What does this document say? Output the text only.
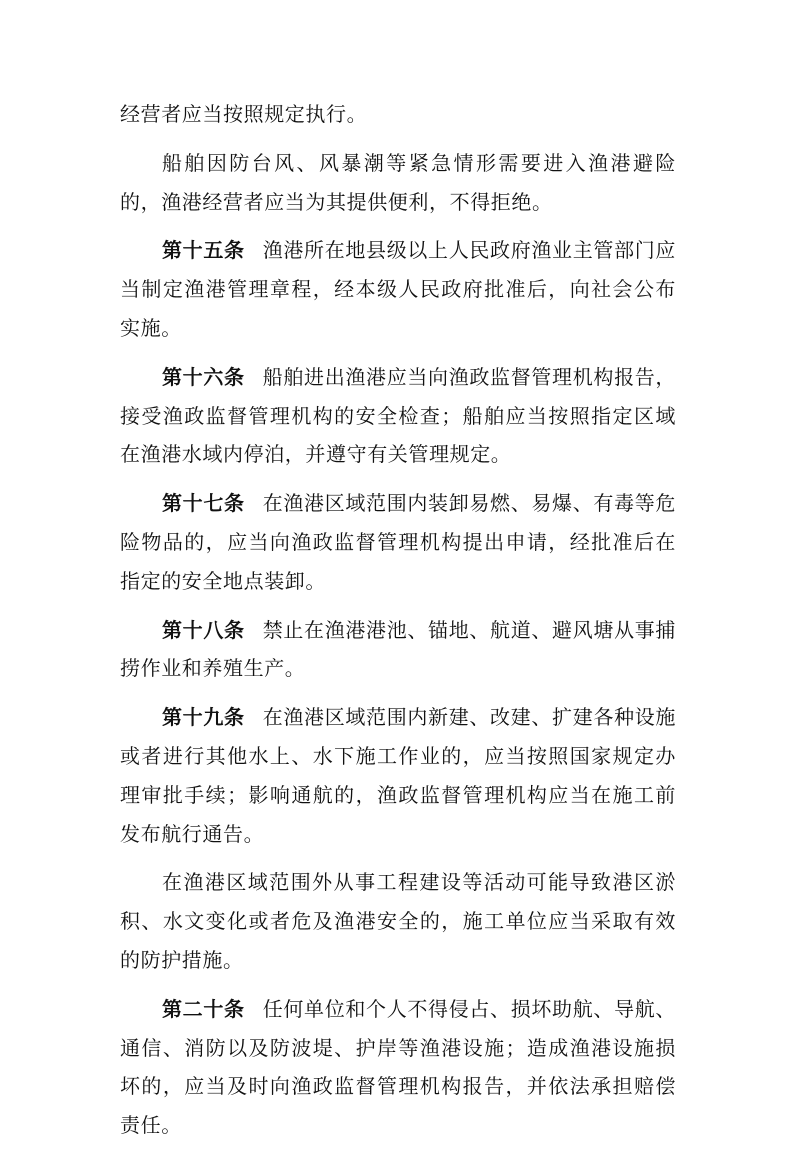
经营者应当按照规定执行。

船舶因防台风、风暴潮等紧急情形需要进入渔港避险的，渔港经营者应当为其提供便利，不得拒绝。

第十五条 渔港所在地县级以上人民政府渔业主管部门应当制定渔港管理章程，经本级人民政府批准后，向社会公布实施。

第十六条 船舶进出渔港应当向渔政监督管理机构报告，接受渔政监督管理机构的安全检查；船舶应当按照指定区域在渔港水域内停泊，并遵守有关管理规定。

第十七条 在渔港区域范围内装卸易燃、易爆、有毒等危险物品的，应当向渔政监督管理机构提出申请，经批准后在指定的安全地点装卸。

第十八条 禁止在渔港港池、锚地、航道、避风塘从事捕捞作业和养殖生产。

第十九条 在渔港区域范围内新建、改建、扩建各种设施或者进行其他水上、水下施工作业的，应当按照国家规定办理审批手续；影响通航的，渔政监督管理机构应当在施工前发布航行通告。

在渔港区域范围外从事工程建设等活动可能导致港区淤积、水文变化或者危及渔港安全的，施工单位应当采取有效的防护措施。

第二十条 任何单位和个人不得侵占、损坏助航、导航、通信、消防以及防波堤、护岸等渔港设施；造成渔港设施损坏的，应当及时向渔政监督管理机构报告，并依法承担赔偿责任。
